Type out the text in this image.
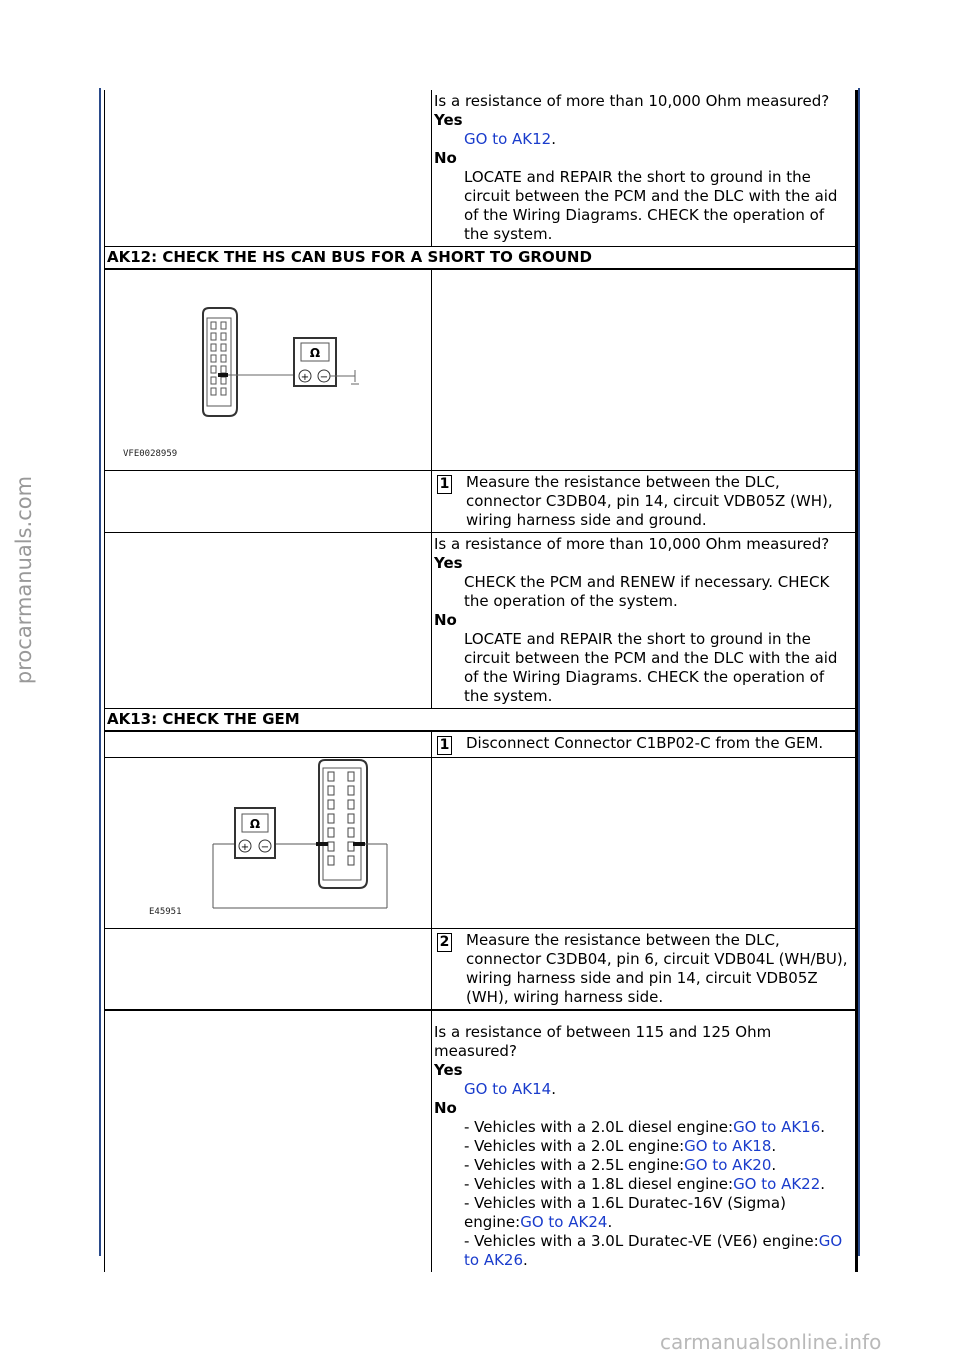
procarmanuals.com
Is a resistance of more than 10,000 Ohm measured?
Yes
GO to AK12.
No
LOCATE and REPAIR the short to ground in the circuit between the PCM and the DLC with the aid of the Wiring Diagrams. CHECK the operation of the system.
AK12: CHECK THE HS CAN BUS FOR A SHORT TO GROUND
Ω
+ −
VFE0028959
1 Measure the resistance between the DLC, connector C3DB04, pin 14, circuit VDB05Z (WH), wiring harness side and ground.
Is a resistance of more than 10,000 Ohm measured?
Yes
CHECK the PCM and RENEW if necessary. CHECK the operation of the system.
No
LOCATE and REPAIR the short to ground in the circuit between the PCM and the DLC with the aid of the Wiring Diagrams. CHECK the operation of the system.
AK13: CHECK THE GEM
1 Disconnect Connector C1BP02-C from the GEM.
Ω
+ −
E45951
2 Measure the resistance between the DLC, connector C3DB04, pin 6, circuit VDB04L (WH/BU), wiring harness side and pin 14, circuit VDB05Z (WH), wiring harness side.
Is a resistance of between 115 and 125 Ohm measured?
Yes
GO to AK14.
No
- Vehicles with a 2.0L diesel engine:GO to AK16.
- Vehicles with a 2.0L engine:GO to AK18.
- Vehicles with a 2.5L engine:GO to AK20.
- Vehicles with a 1.8L diesel engine:GO to AK22.
- Vehicles with a 1.6L Duratec-16V (Sigma) engine:GO to AK24.
- Vehicles with a 3.0L Duratec-VE (VE6) engine:GO to AK26.
carmanualsonline.info
